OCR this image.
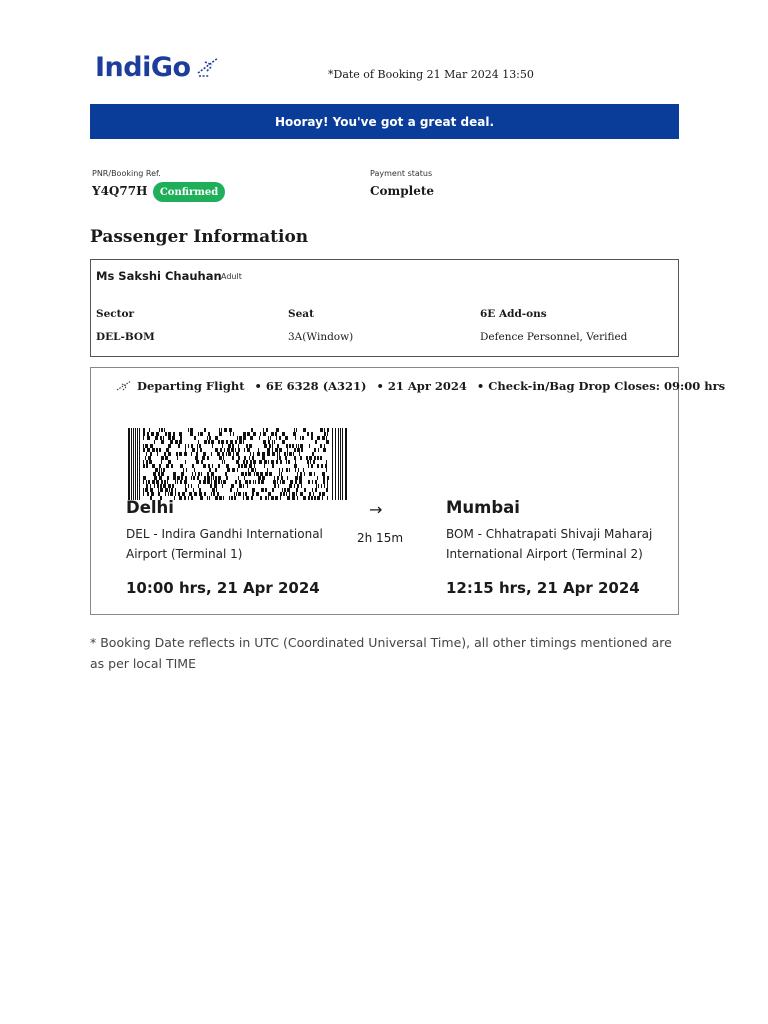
IndiGo	*Date of Booking 21 Mar 2024 13:50
Hooray! You've got a great deal.
PNR/Booking Ref.
Y4Q77H	Confirmed
Payment status
Complete
Passenger Information
Ms Sakshi Chauhan Adult
Sector	Seat	6E Add-ons
DEL-BOM	3A(Window)	Defence Personnel, Verified
Departing Flight • 6E 6328 (A321) • 21 Apr 2024 • Check-in/Bag Drop Closes: 09:00 hrs
Delhi
DEL - Indira Gandhi International Airport (Terminal 1)
10:00 hrs, 21 Apr 2024
→
2h 15m
Mumbai
BOM - Chhatrapati Shivaji Maharaj International Airport (Terminal 2)
12:15 hrs, 21 Apr 2024
* Booking Date reflects in UTC (Coordinated Universal Time), all other timings mentioned are as per local TIME
